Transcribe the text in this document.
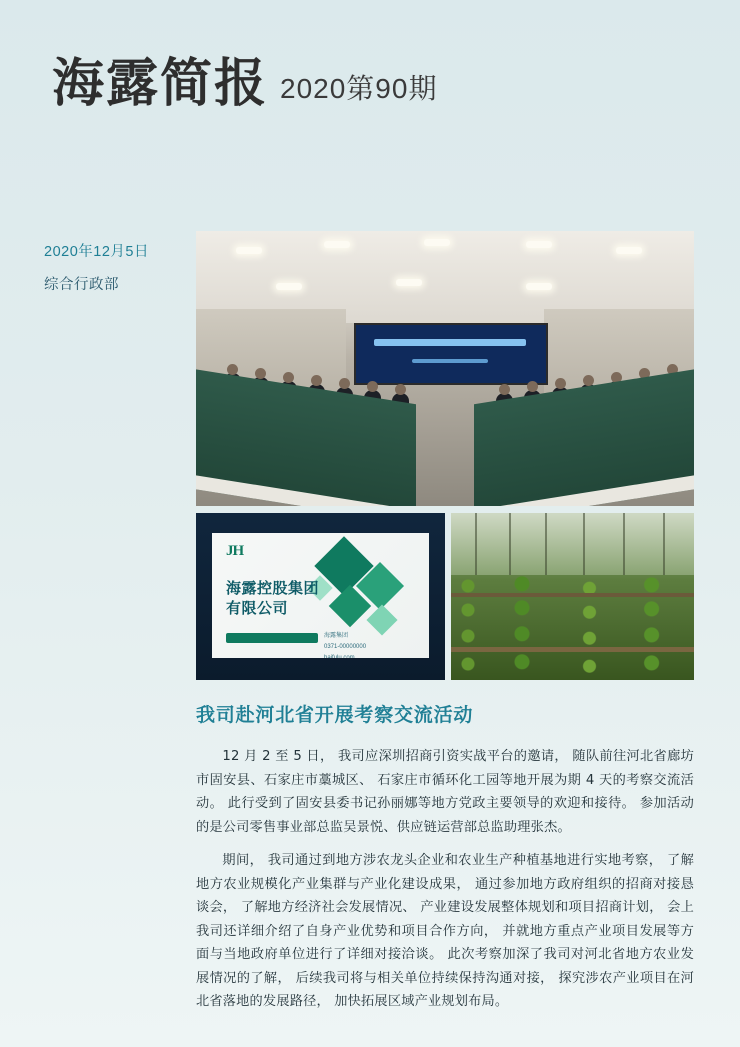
海露简报 2020第90期
2020年12月5日
综合行政部
JH
海露控股集团
有限公司
海露集团
0371-00000000
haifulu.com
我司赴河北省开展考察交流活动

12 月 2 至 5 日， 我司应深圳招商引资实战平台的邀请， 随队前往河北省廊坊市固安县、石家庄市藁城区、 石家庄市循环化工园等地开展为期 4 天的考察交流活动。 此行受到了固安县委书记孙丽娜等地方党政主要领导的欢迎和接待。 参加活动的是公司零售事业部总监吴景悦、供应链运营部总监助理张杰。

期间， 我司通过到地方涉农龙头企业和农业生产种植基地进行实地考察， 了解地方农业规模化产业集群与产业化建设成果， 通过参加地方政府组织的招商对接恳谈会， 了解地方经济社会发展情况、 产业建设发展整体规划和项目招商计划， 会上我司还详细介绍了自身产业优势和项目合作方向， 并就地方重点产业项目发展等方面与当地政府单位进行了详细对接洽谈。 此次考察加深了我司对河北省地方农业发展情况的了解， 后续我司将与相关单位持续保持沟通对接， 探究涉农产业项目在河北省落地的发展路径， 加快拓展区域产业规划布局。
